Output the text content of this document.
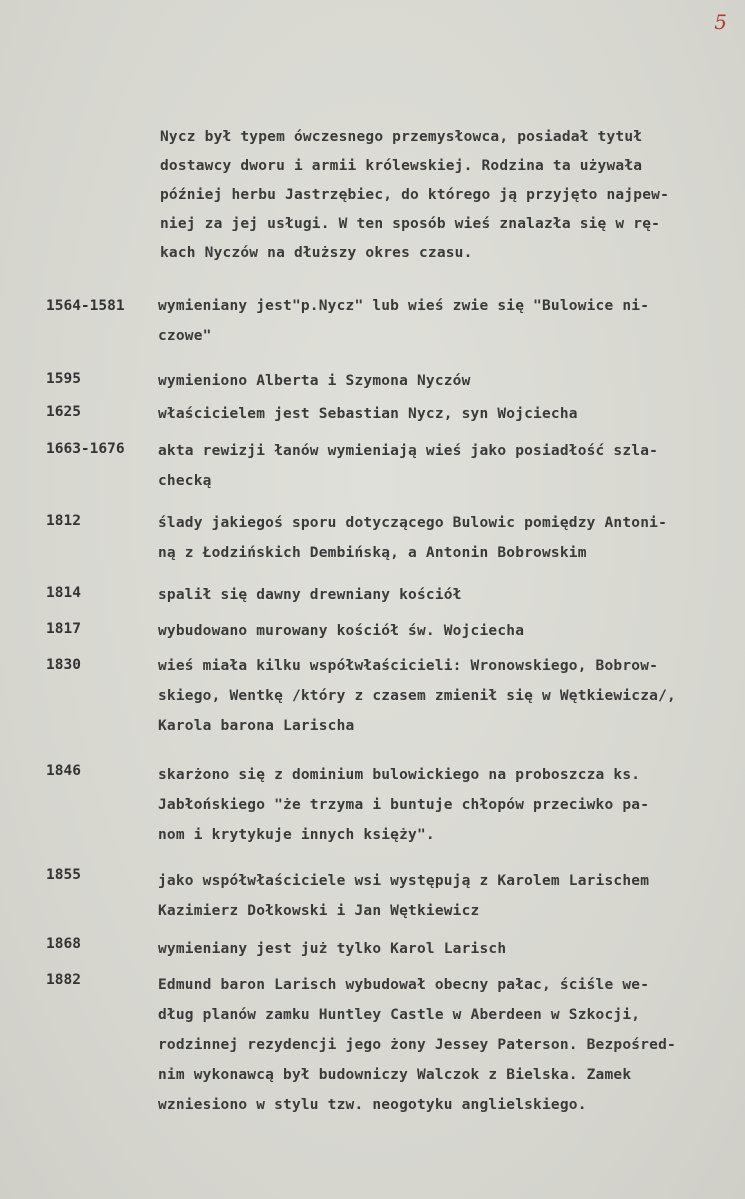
5
Nycz był typem ówczesnego przemysłowca, posiadał tytuł
dostawcy dworu i armii królewskiej. Rodzina ta używała
później herbu Jastrzębiec, do którego ją przyjęto najpew-
niej za jej usługi. W ten sposób wieś znalazła się w rę-
kach Nyczów na dłuższy okres czasu.
1564-1581	wymieniany jest"p.Nycz" lub wieś zwie się "Bulowice ni-
czowe"
1595	wymieniono Alberta i Szymona Nyczów
1625	właścicielem jest Sebastian Nycz, syn Wojciecha
1663-1676	akta rewizji łanów wymieniają wieś jako posiadłość szla-
checką
1812	ślady jakiegoś sporu dotyczącego Bulowic pomiędzy Antoni-
ną z Łodzińskich Dembińską, a Antonin Bobrowskim
1814	spalił się dawny drewniany kościół
1817	wybudowano murowany kościół św. Wojciecha
1830	wieś miała kilku współwłaścicieli: Wronowskiego, Bobrow-
skiego, Wentkę /który z czasem zmienił się w Wętkiewicza/,
Karola barona Larischa
1846	skarżono się z dominium bulowickiego na proboszcza ks.
Jabłońskiego "że trzyma i buntuje chłopów przeciwko pa-
nom i krytykuje innych księży".
1855	jako współwłaściciele wsi występują z Karolem Larischem
Kazimierz Dołkowski i Jan Wętkiewicz
1868	wymieniany jest już tylko Karol Larisch
1882	Edmund baron Larisch wybudował obecny pałac, ściśle we-
dług planów zamku Huntley Castle w Aberdeen w Szkocji,
rodzinnej rezydencji jego żony Jessey Paterson. Bezpośred-
nim wykonawcą był budowniczy Walczok z Bielska. Zamek
wzniesiono w stylu tzw. neogotyku anglielskiego.
